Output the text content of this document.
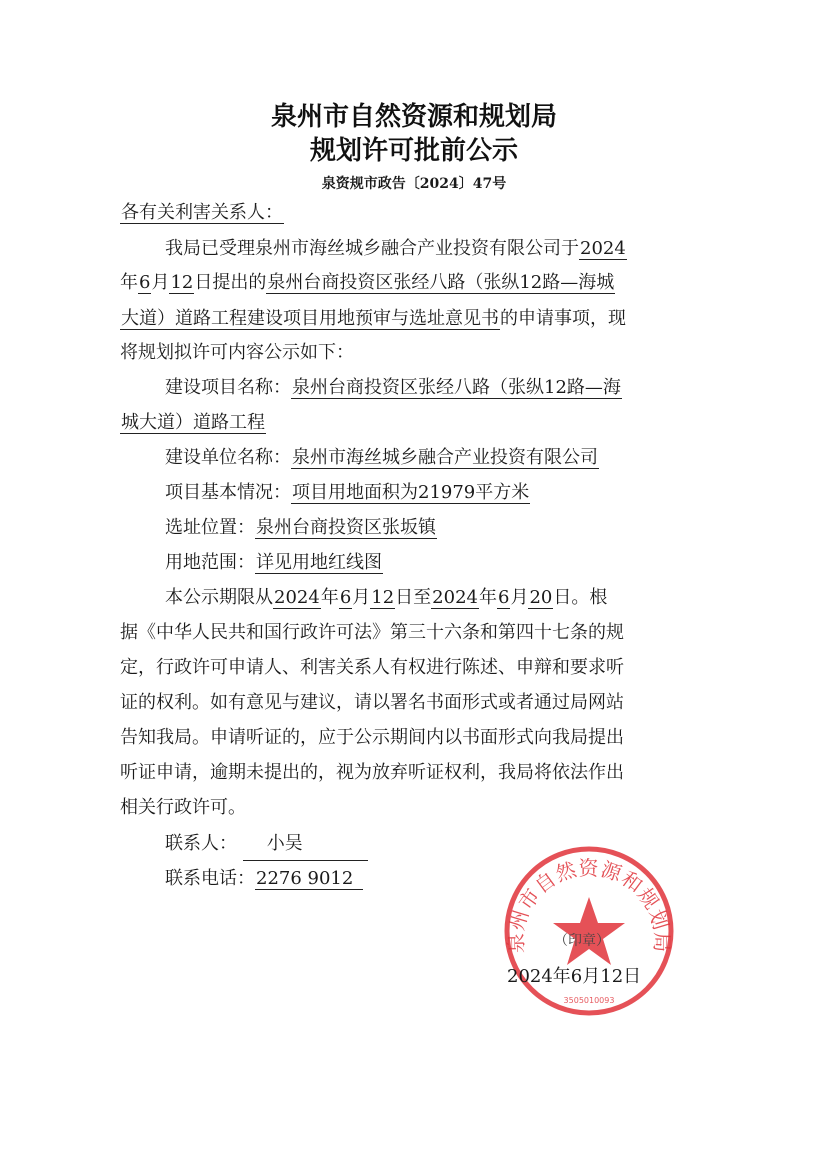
泉州市自然资源和规划局
规划许可批前公示
泉资规市政告〔2024〕47号
各有关利害关系人：
我局已受理泉州市海丝城乡融合产业投资有限公司于2024
年6月12日提出的泉州台商投资区张经八路（张纵12路—海城
大道）道路工程建设项目用地预审与选址意见书的申请事项，现
将规划拟许可内容公示如下：
建设项目名称：泉州台商投资区张经八路（张纵12路—海
城大道）道路工程
建设单位名称：泉州市海丝城乡融合产业投资有限公司
项目基本情况：项目用地面积为21979平方米
选址位置：泉州台商投资区张坂镇
用地范围：详见用地红线图
本公示期限从2024年6月12日至2024年6月20日。根
据《中华人民共和国行政许可法》第三十六条和第四十七条的规
定，行政许可申请人、利害关系人有权进行陈述、申辩和要求听
证的权利。如有意见与建议，请以署名书面形式或者通过局网站
告知我局。申请听证的，应于公示期间内以书面形式向我局提出
听证申请，逾期未提出的，视为放弃听证权利，我局将依法作出
相关行政许可。
联系人： 小吴
联系电话：2276 9012
泉州市自然资源和规划局
3505010093
（印章）
2024年6月12日
